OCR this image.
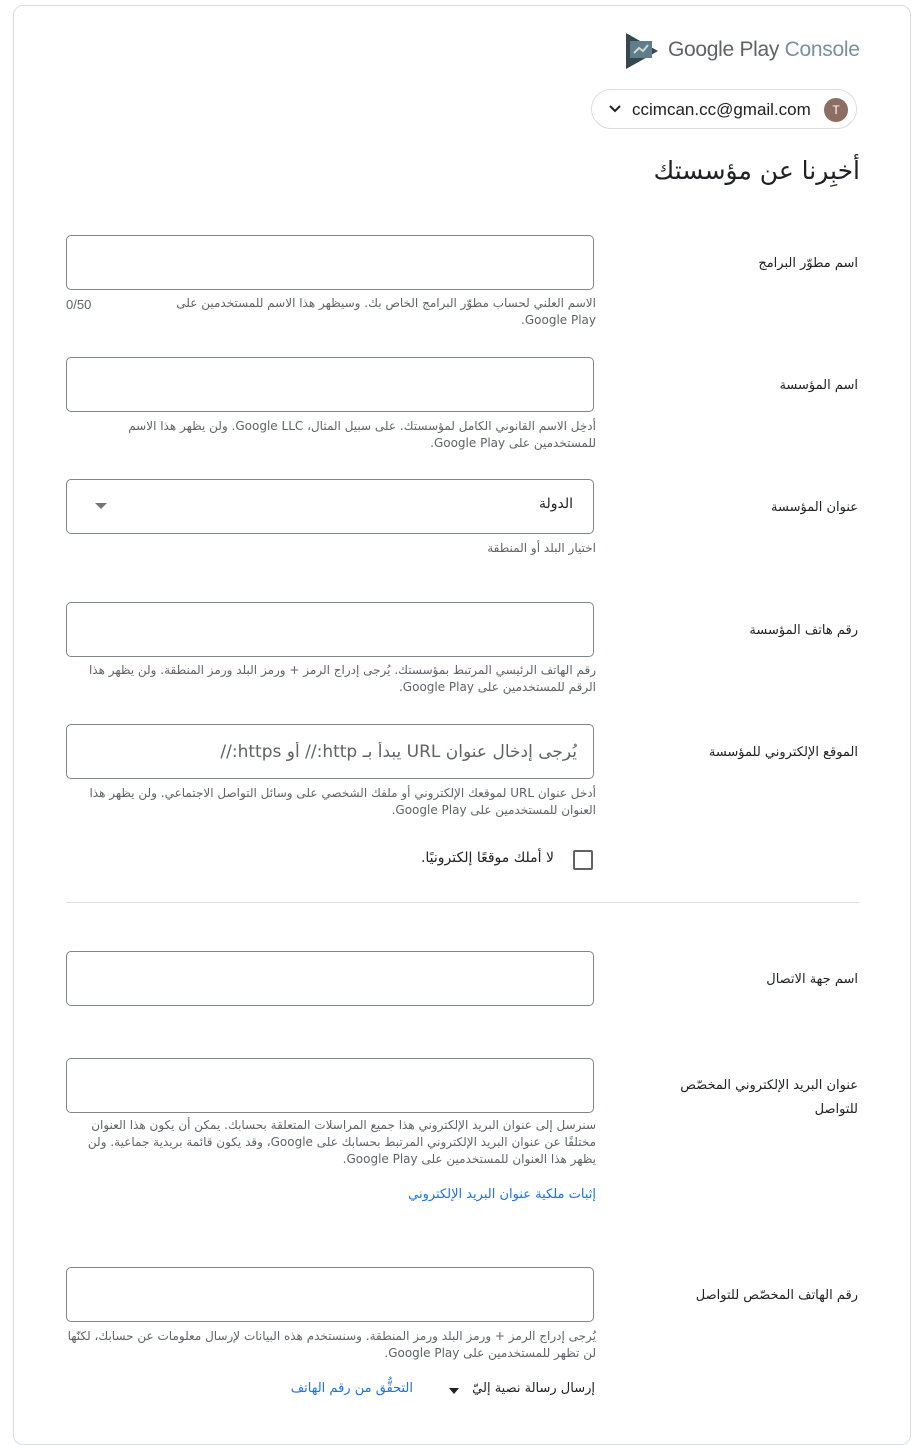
Google Play Console
ccimcan.cc@gmail.com	T
أخبِرنا عن مؤسستك
اسم مطوّر البرامج
الاسم العلني لحساب مطوّر البرامج الخاص بك. وسيظهر هذا الاسم للمستخدمين على Google Play.
0/50
اسم المؤسسة
أدخِل الاسم القانوني الكامل لمؤسستك. على سبيل المثال، Google LLC. ولن يظهر هذا الاسم للمستخدمين على Google Play.
عنوان المؤسسة
الدولة
اختيار البلد أو المنطقة
رقم هاتف المؤسسة
رقم الهاتف الرئيسي المرتبط بمؤسستك. يُرجى إدراج الرمز + ورمز البلد ورمز المنطقة. ولن يظهر هذا الرقم للمستخدمين على Google Play.
الموقع الإلكتروني للمؤسسة
يُرجى إدخال عنوان URL يبدأ بـ http:// أو https://
أدخل عنوان URL لموقعك الإلكتروني أو ملفك الشخصي على وسائل التواصل الاجتماعي. ولن يظهر هذا العنوان للمستخدمين على Google Play.
لا أملك موقعًا إلكترونيًا.
اسم جهة الاتصال
عنوان البريد الإلكتروني المخصّص للتواصل
سنرسل إلى عنوان البريد الإلكتروني هذا جميع المراسلات المتعلقة بحسابك. يمكن أن يكون هذا العنوان مختلفًا عن عنوان البريد الإلكتروني المرتبط بحسابك على Google، وقد يكون قائمة بريدية جماعية. ولن يظهر هذا العنوان للمستخدمين على Google Play.
إثبات ملكية عنوان البريد الإلكتروني
رقم الهاتف المخصّص للتواصل
يُرجى إدراج الرمز + ورمز البلد ورمز المنطقة. وسنستخدم هذه البيانات لإرسال معلومات عن حسابك، لكنّها لن تظهر للمستخدمين على Google Play.
إرسال رسالة نصية إليّ
التحقُّق من رقم الهاتف
